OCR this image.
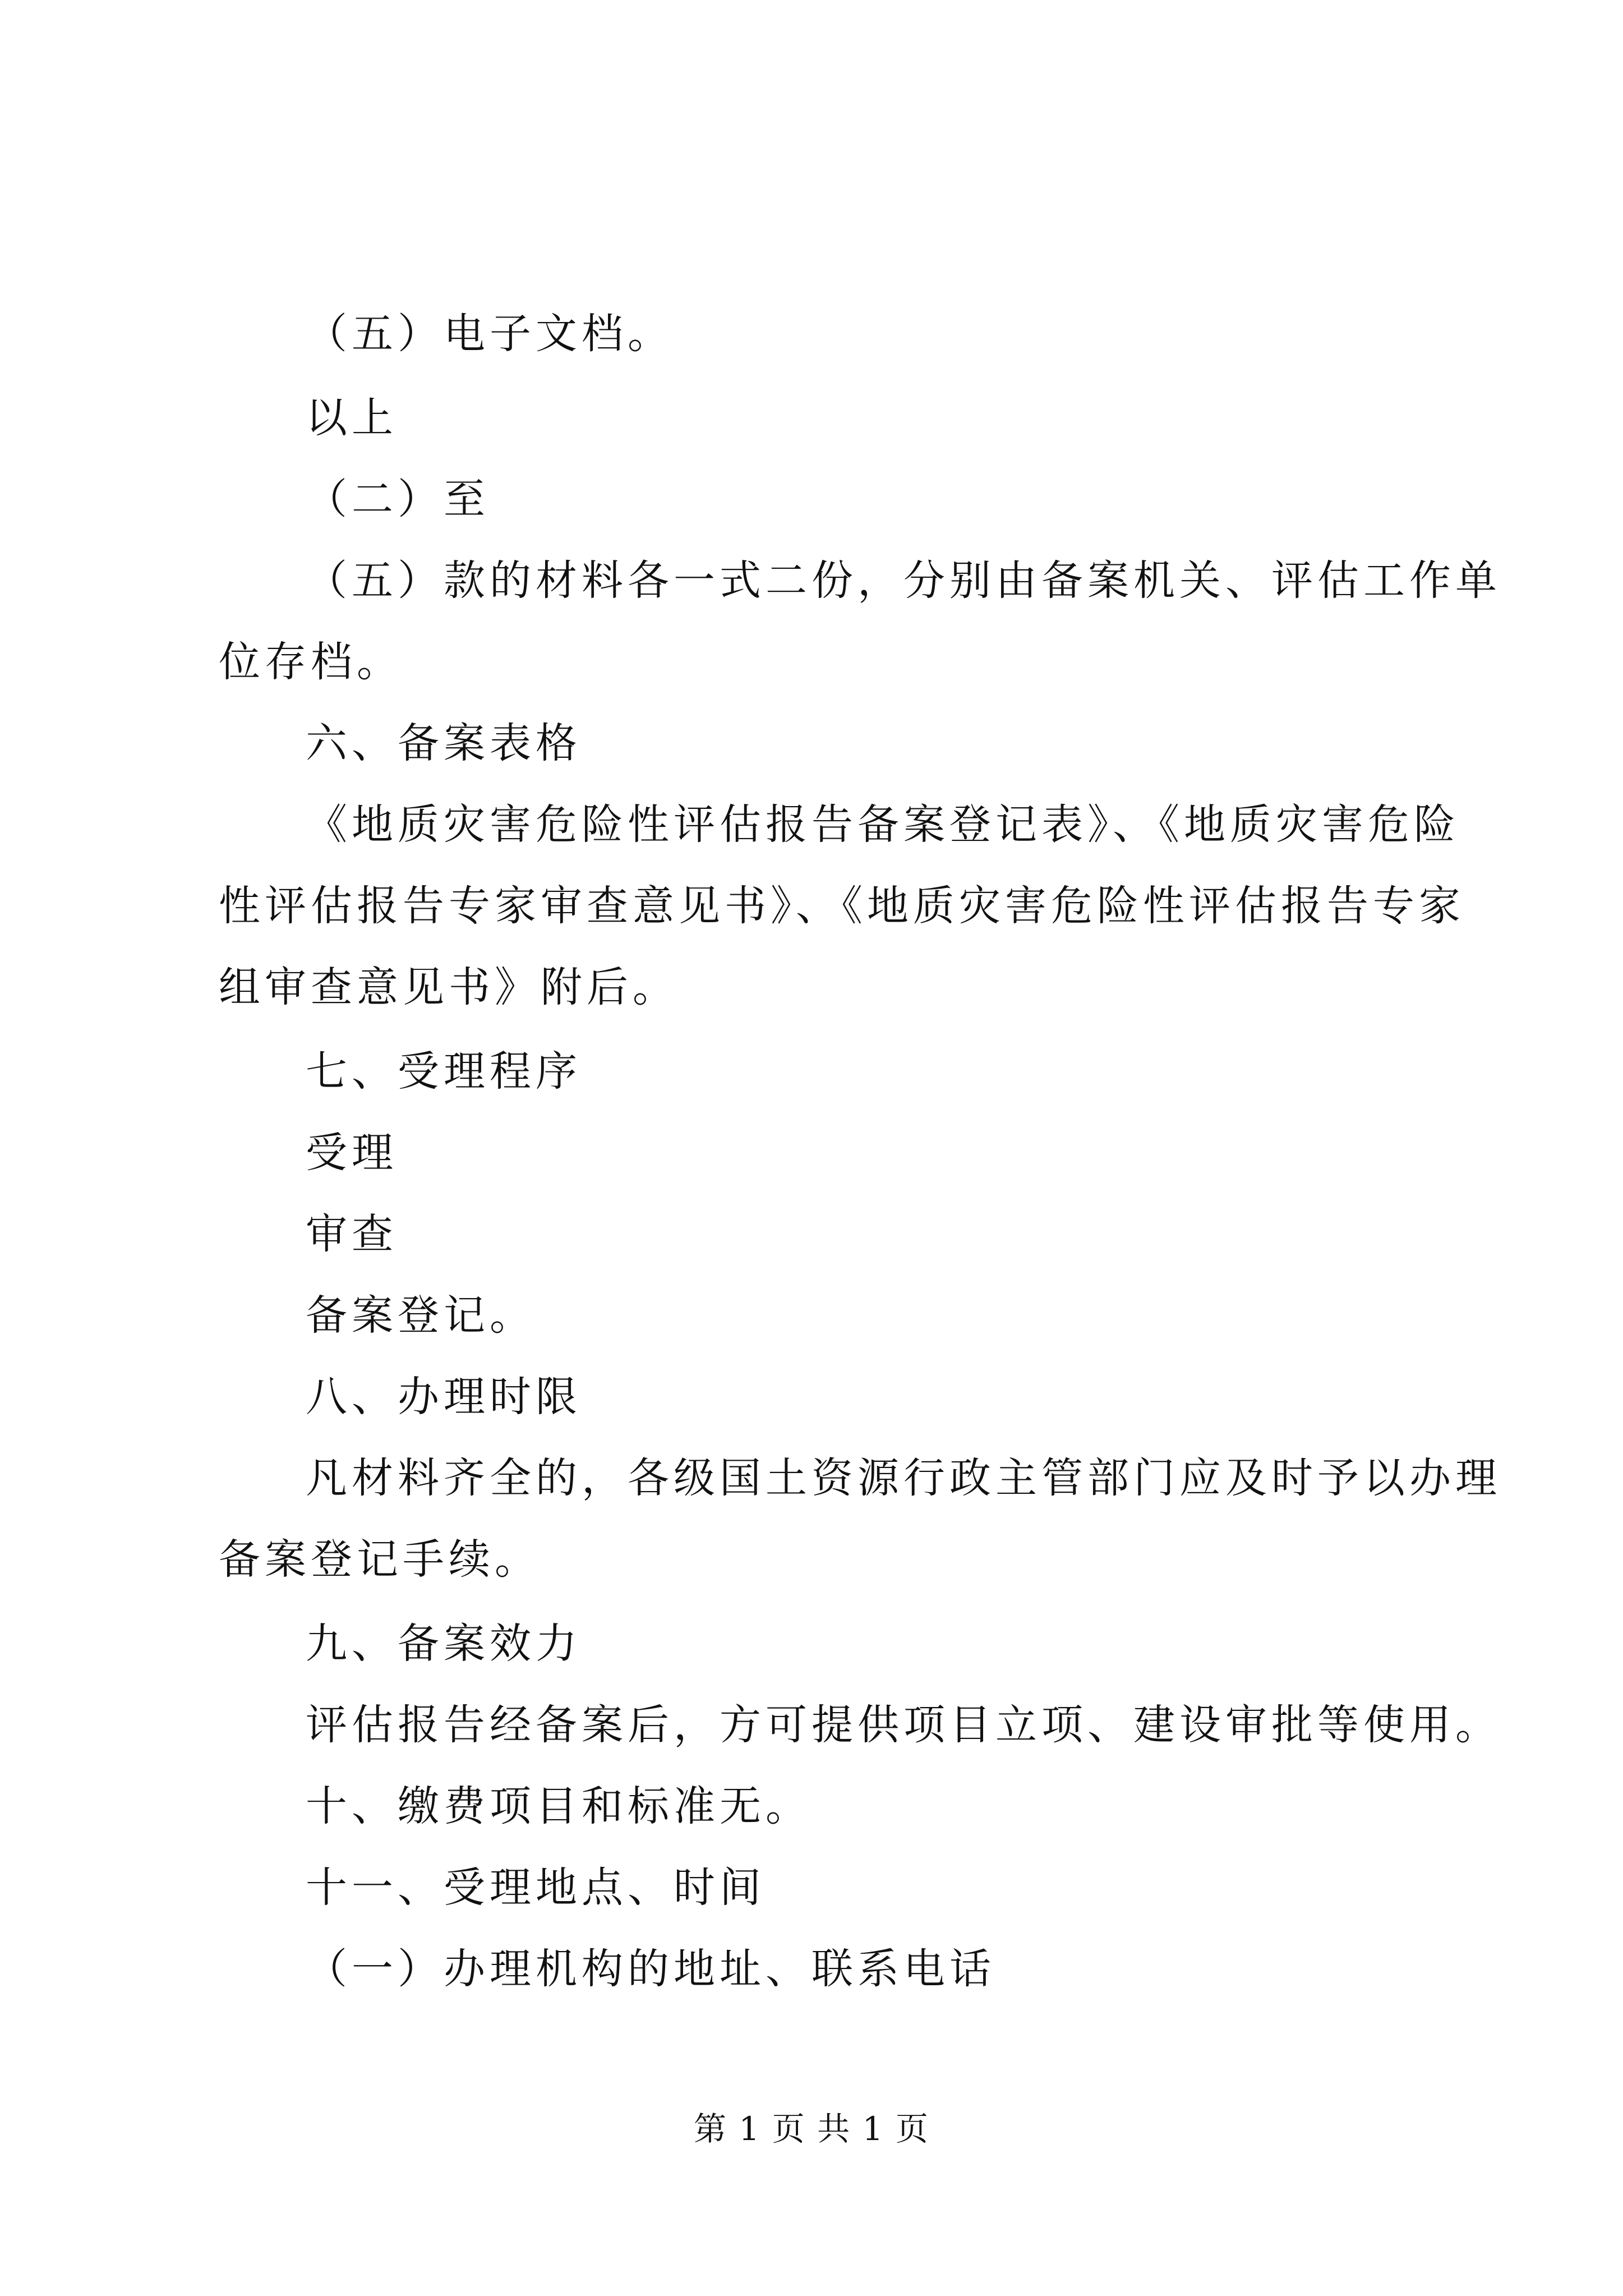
（五）电子文档。
以上
（二）至
（五）款的材料各一式二份，分别由备案机关、评估工作单
位存档。
六、备案表格
《地质灾害危险性评估报告备案登记表》、《地质灾害危险
性评估报告专家审查意见书》、《地质灾害危险性评估报告专家
组审查意见书》附后。
七、受理程序
受理
审查
备案登记。
八、办理时限
凡材料齐全的，各级国土资源行政主管部门应及时予以办理
备案登记手续。
九、备案效力
评估报告经备案后，方可提供项目立项、建设审批等使用。
十、缴费项目和标准无。
十一、受理地点、时间
（一）办理机构的地址、联系电话
第 1 页 共 1 页
